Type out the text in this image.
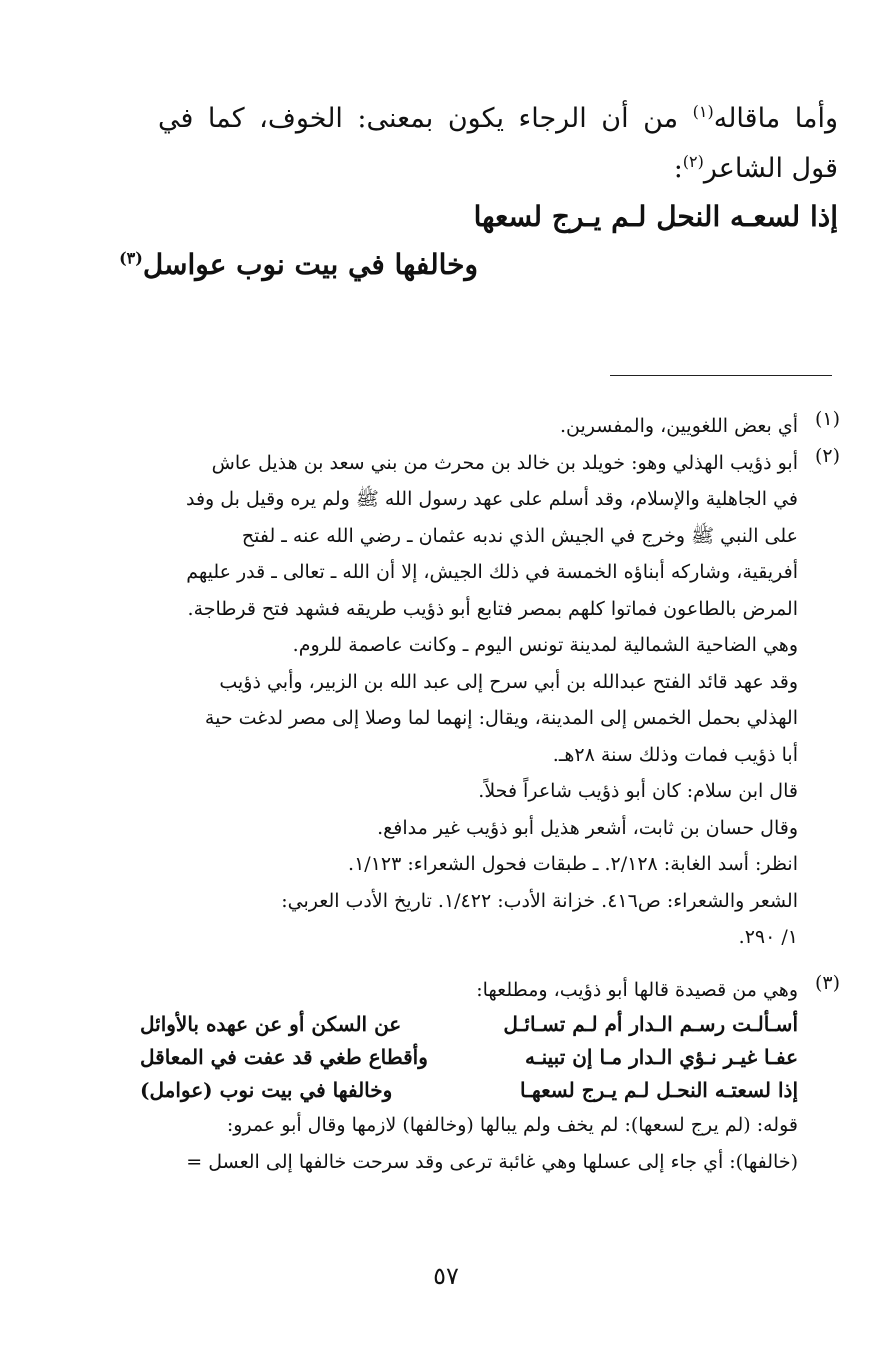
وأما ماقاله$^{(١)}$ من أن الرجاء يكون بمعنى: الخوف، كما في قول الشاعر$^{(٢)}$:
إذا لسعـه النحل لـم يـرج لسعها
وخالفها في بيت نوب عواسل$^{(٣)}$
(١)
أي بعض اللغويين، والمفسرين.
(٢)
أبو ذؤيب الهذلي وهو: خويلد بن خالد بن محرث من بني سعد بن هذيل عاش
في الجاهلية والإسلام، وقد أسلم على عهد رسول الله ﷺ ولم يره وقيل بل وفد
على النبي ﷺ وخرج في الجيش الذي ندبه عثمان ـ رضي الله عنه ـ لفتح
أفريقية، وشاركه أبناؤه الخمسة في ذلك الجيش، إلا أن الله ـ تعالى ـ قدر عليهم
المرض بالطاعون فماتوا كلهم بمصر فتابع أبو ذؤيب طريقه فشهد فتح قرطاجة.
وهي الضاحية الشمالية لمدينة تونس اليوم ـ وكانت عاصمة للروم.
وقد عهد قائد الفتح عبدالله بن أبي سرح إلى عبد الله بن الزبير، وأبي ذؤيب
الهذلي بحمل الخمس إلى المدينة، ويقال: إنهما لما وصلا إلى مصر لدغت حية
أبا ذؤيب فمات وذلك سنة ٢٨هـ.
قال ابن سلام: كان أبو ذؤيب شاعراً فحلاً.
وقال حسان بن ثابت، أشعر هذيل أبو ذؤيب غير مدافع.
انظر: أسد الغابة: ٢/١٢٨. ـ طبقات فحول الشعراء: ١/١٢٣.
الشعر والشعراء: ص٤١٦. خزانة الأدب: ١/٤٢٢. تاريخ الأدب العربي:
١/ ٢٩٠.
(٣)
وهي من قصيدة قالها أبو ذؤيب، ومطلعها:
أسـألـت رسـم الـدار أم لـم تسـائـل
عن السكن أو عن عهده بالأوائل
عفـا غيـر نـؤي الـدار مـا إن تبينـه
وأقطاع طغي قد عفت في المعاقل
إذا لسعتـه النحـل لـم يـرج لسعهـا
وخالفها في بيت نوب (عوامل)
قوله: (لم يرج لسعها): لم يخف ولم يبالها (وخالفها) لازمها وقال أبو عمرو:
(خالفها): أي جاء إلى عسلها وهي غائبة ترعى وقد سرحت خالفها إلى العسل =
٥٧
